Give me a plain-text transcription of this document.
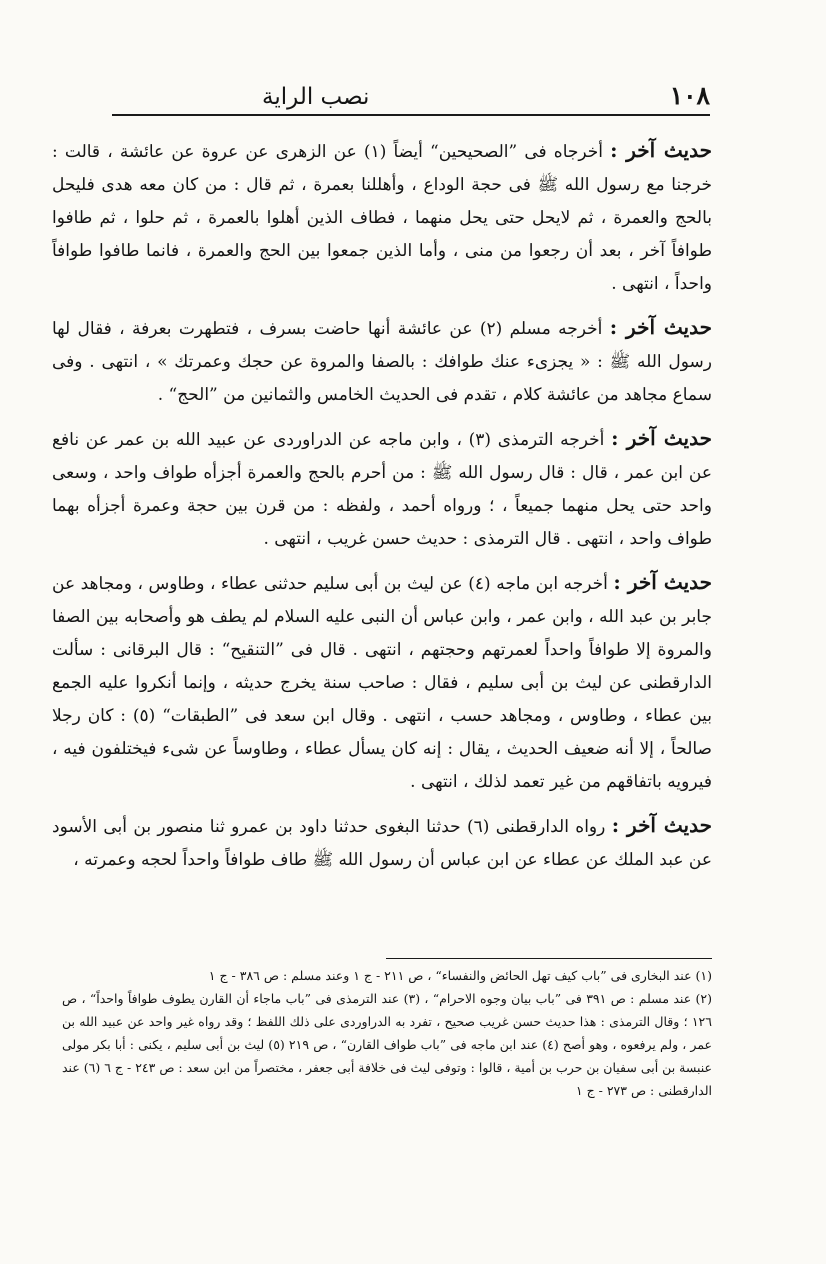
١٠٨
نصب الراية

حديث آخر : أخرجاه فى ”الصحيحين“ أيضاً (١) عن الزهرى عن عروة عن عائشة ، قالت : خرجنا مع رسول الله ﷺ فى حجة الوداع ، وأهللنا بعمرة ، ثم قال : من كان معه هدى فليحل بالحج والعمرة ، ثم لايحل حتى يحل منهما ، فطاف الذين أهلوا بالعمرة ، ثم حلوا ، ثم طافوا طوافاً آخر ، بعد أن رجعوا من منى ، وأما الذين جمعوا بين الحج والعمرة ، فانما طافوا طوافاً واحداً ، انتهى .

حديث آخر : أخرجه مسلم (٢) عن عائشة أنها حاضت بسرف ، فتطهرت بعرفة ، فقال لها رسول الله ﷺ : « يجزىء عنك طوافك : بالصفا والمروة عن حجك وعمرتك » ، انتهى . وفى سماع مجاهد من عائشة كلام ، تقدم فى الحديث الخامس والثمانين من ”الحج“ .

حديث آخر : أخرجه الترمذى (٣) ، وابن ماجه عن الدراوردى عن عبيد الله بن عمر عن نافع عن ابن عمر ، قال : قال رسول الله ﷺ : من أحرم بالحج والعمرة أجزأه طواف واحد ، وسعى واحد حتى يحل منهما جميعاً ، ؛ ورواه أحمد ، ولفظه : من قرن بين حجة وعمرة أجزأه بهما طواف واحد ، انتهى . قال الترمذى : حديث حسن غريب ، انتهى .

حديث آخر : أخرجه ابن ماجه (٤) عن ليث بن أبى سليم حدثنى عطاء ، وطاوس ، ومجاهد عن جابر بن عبد الله ، وابن عمر ، وابن عباس أن النبى عليه السلام لم يطف هو وأصحابه بين الصفا والمروة إلا طوافاً واحداً لعمرتهم وحجتهم ، انتهى . قال فى ”التنقيح“ : قال البرقانى : سألت الدارقطنى عن ليث بن أبى سليم ، فقال : صاحب سنة يخرج حديثه ، وإنما أنكروا عليه الجمع بين عطاء ، وطاوس ، ومجاهد حسب ، انتهى . وقال ابن سعد فى ”الطبقات“ (٥) : كان رجلا صالحاً ، إلا أنه ضعيف الحديث ، يقال : إنه كان يسأل عطاء ، وطاوساً عن شىء فيختلفون فيه ، فيرويه باتفاقهم من غير تعمد لذلك ، انتهى .

حديث آخر : رواه الدارقطنى (٦) حدثنا البغوى حدثنا داود بن عمرو ثنا منصور بن أبى الأسود عن عبد الملك عن عطاء عن ابن عباس أن رسول الله ﷺ طاف طوافاً واحداً لحجه وعمرته ،

(١) عند البخارى فى ”باب كيف تهل الحائض والنفساء“ ، ص ٢١١ - ج ١ وعند مسلم : ص ٣٨٦ - ج ١

(٢) عند مسلم : ص ٣٩١ فى ”باب بيان وجوه الاحرام“ ، (٣) عند الترمذى فى ”باب ماجاء أن القارن يطوف طوافاً واحداً“ ، ص ١٢٦ ؛ وقال الترمذى : هذا حديث حسن غريب صحيح ، تفرد به الدراوردى على ذلك اللفظ ؛ وقد رواه غير واحد عن عبيد الله بن عمر ، ولم يرفعوه ، وهو أصح (٤) عند ابن ماجه فى ”باب طواف القارن“ ، ص ٢١٩ (٥) ليث بن أبى سليم ، يكنى : أبا بكر مولى عنبسة بن أبى سفيان بن حرب بن أمية ، قالوا : وتوفى ليث فى خلافة أبى جعفر ، مختصراً من ابن سعد : ص ٢٤٣ - ج ٦ (٦) عند الدارقطنى : ص ٢٧٣ - ج ١
